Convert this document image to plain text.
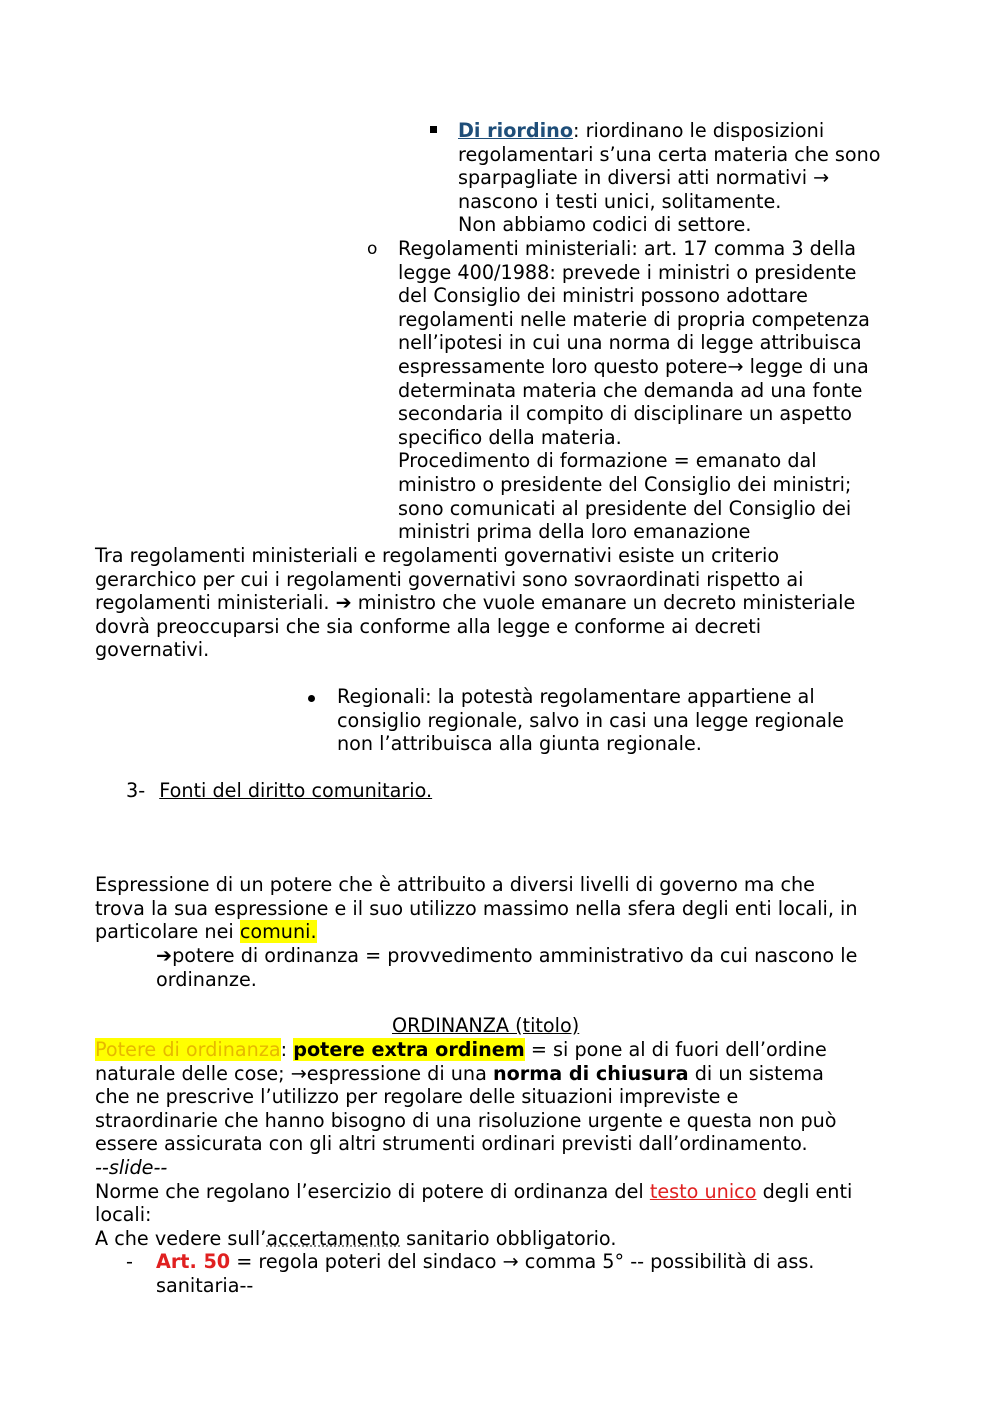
Di riordino: riordinano le disposizioni

regolamentari s’una certa materia che sono

sparpagliate in diversi atti normativi →

nascono i testi unici, solitamente.

Non abbiamo codici di settore.

o Regolamenti ministeriali: art. 17 comma 3 della

legge 400/1988: prevede i ministri o presidente

del Consiglio dei ministri possono adottare

regolamenti nelle materie di propria competenza

nell’ipotesi in cui una norma di legge attribuisca

espressamente loro questo potere→ legge di una

determinata materia che demanda ad una fonte

secondaria il compito di disciplinare un aspetto

specifico della materia.

Procedimento di formazione = emanato dal

ministro o presidente del Consiglio dei ministri;

sono comunicati al presidente del Consiglio dei

ministri prima della loro emanazione

Tra regolamenti ministeriali e regolamenti governativi esiste un criterio

gerarchico per cui i regolamenti governativi sono sovraordinati rispetto ai

regolamenti ministeriali. ➔ ministro che vuole emanare un decreto ministeriale

dovrà preoccuparsi che sia conforme alla legge e conforme ai decreti

governativi.

Regionali: la potestà regolamentare appartiene al

consiglio regionale, salvo in casi una legge regionale

non l’attribuisca alla giunta regionale.

3- Fonti del diritto comunitario.

Espressione di un potere che è attribuito a diversi livelli di governo ma che

trova la sua espressione e il suo utilizzo massimo nella sfera degli enti locali, in

particolare nei comuni.

➔potere di ordinanza = provvedimento amministrativo da cui nascono le

ordinanze.

ORDINANZA (titolo)

Potere di ordinanza: potere extra ordinem = si pone al di fuori dell’ordine

naturale delle cose; →espressione di una norma di chiusura di un sistema

che ne prescrive l’utilizzo per regolare delle situazioni impreviste e

straordinarie che hanno bisogno di una risoluzione urgente e questa non può

essere assicurata con gli altri strumenti ordinari previsti dall’ordinamento.

--slide--

Norme che regolano l’esercizio di potere di ordinanza del testo unico degli enti

locali:

A che vedere sull’accertamento sanitario obbligatorio.

- Art. 50 = regola poteri del sindaco → comma 5° -- possibilità di ass.

sanitaria--
